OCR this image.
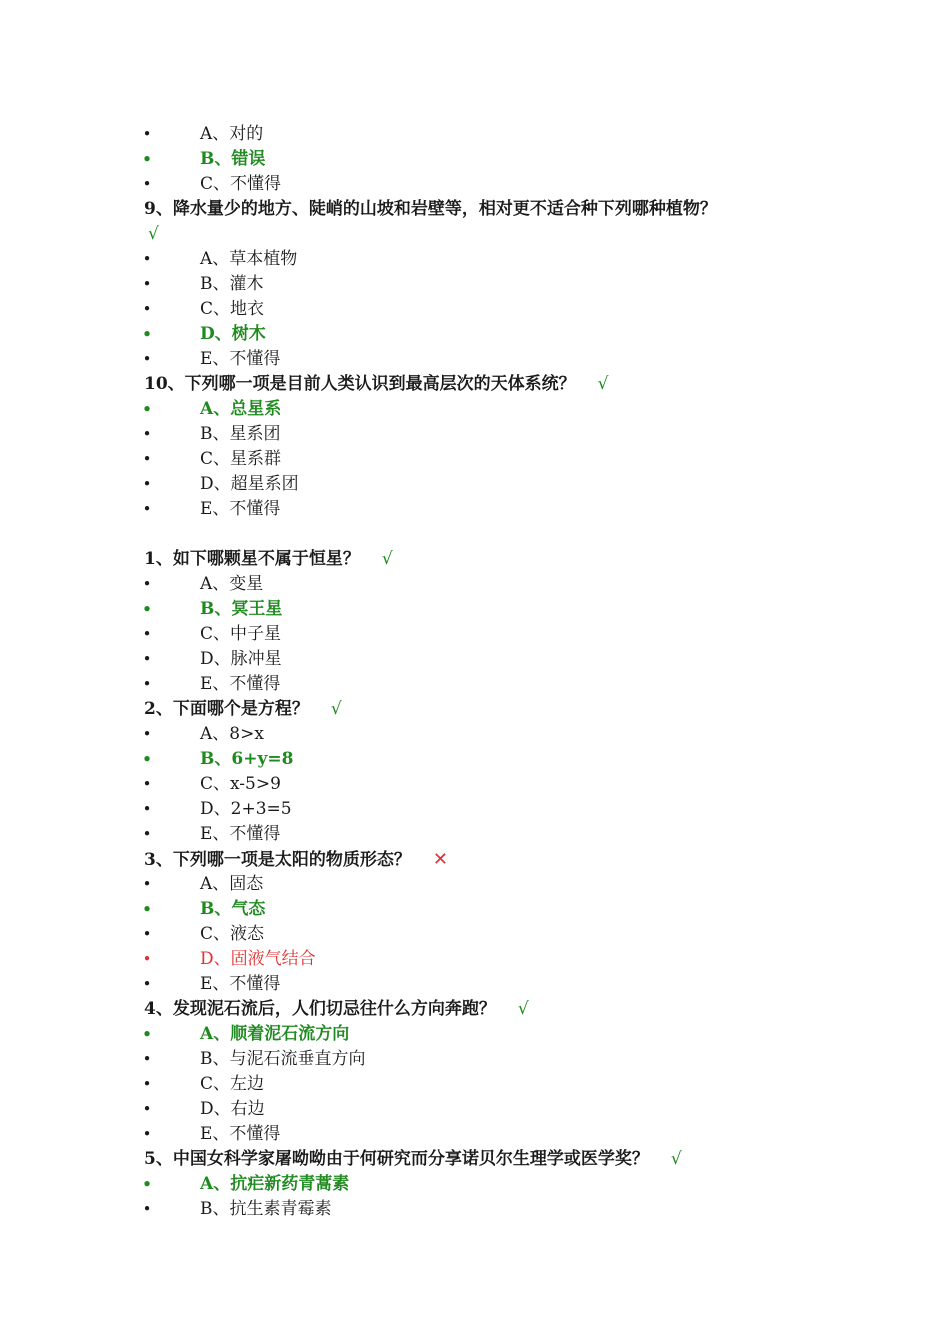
•	A、对的
•	B、错误
•	C、不懂得
9、降水量少的地方、陡峭的山坡和岩壁等，相对更不适合种下列哪种植物？
√
•	A、草本植物
•	B、灌木
•	C、地衣
•	D、树木
•	E、不懂得
10、下列哪一项是目前人类认识到最高层次的天体系统？ √
•	A、总星系
•	B、星系团
•	C、星系群
•	D、超星系团
•	E、不懂得
1、如下哪颗星不属于恒星？ √
•	A、变星
•	B、冥王星
•	C、中子星
•	D、脉冲星
•	E、不懂得
2、下面哪个是方程？ √
•	A、8>x
•	B、6+y=8
•	C、x-5>9
•	D、2+3=5
•	E、不懂得
3、下列哪一项是太阳的物质形态？ ✕
•	A、固态
•	B、气态
•	C、液态
•	D、固液气结合
•	E、不懂得
4、发现泥石流后，人们切忌往什么方向奔跑？ √
•	A、顺着泥石流方向
•	B、与泥石流垂直方向
•	C、左边
•	D、右边
•	E、不懂得
5、中国女科学家屠呦呦由于何研究而分享诺贝尔生理学或医学奖？ √
•	A、抗疟新药青蒿素
•	B、抗生素青霉素
